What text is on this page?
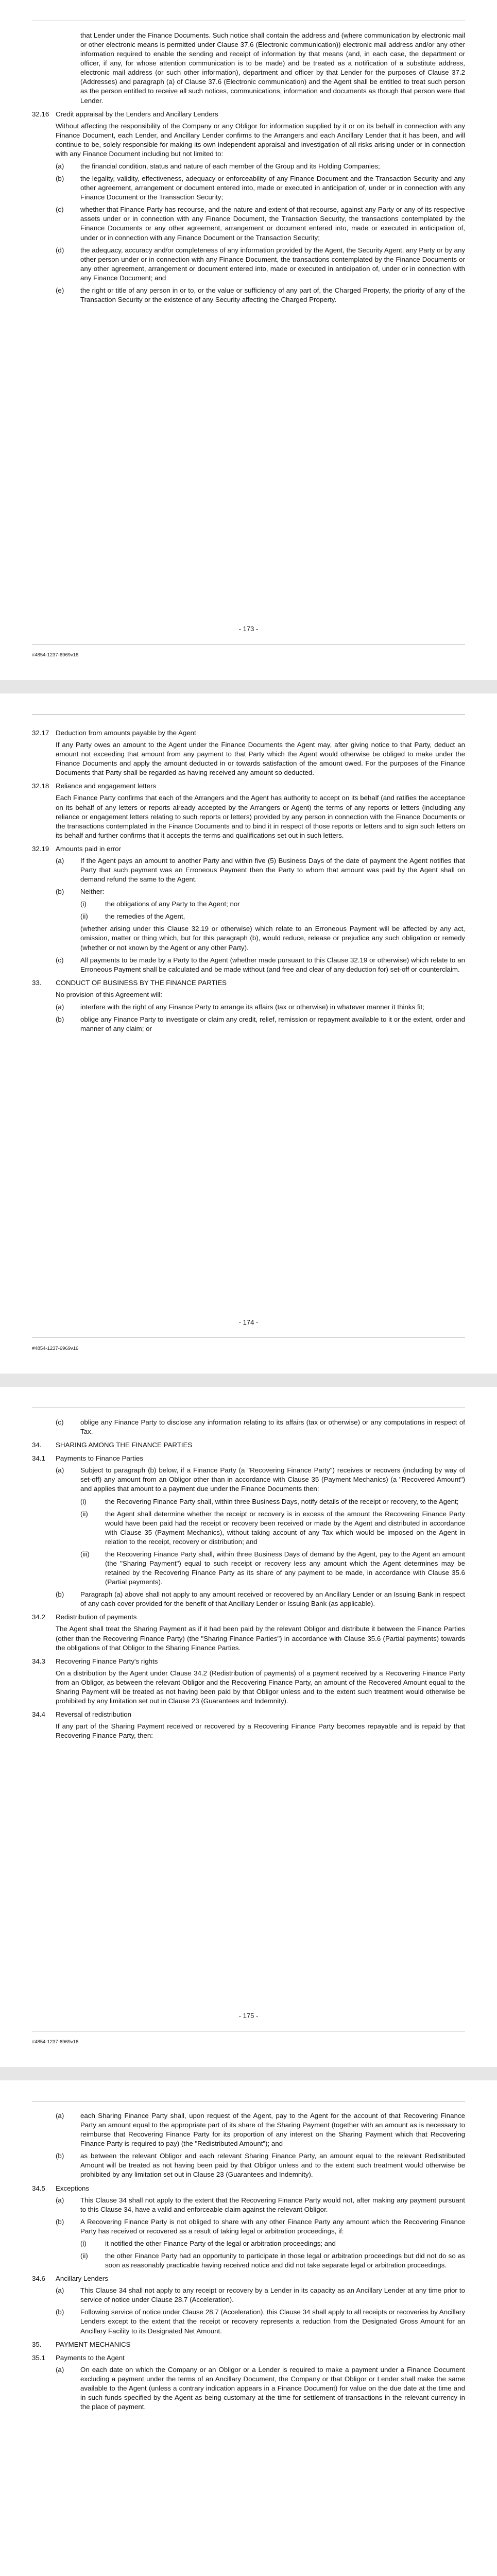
that Lender under the Finance Documents. Such notice shall contain the address and (where communication by electronic mail or other electronic means is permitted under Clause 37.6 (Electronic communication)) electronic mail address and/or any other information required to enable the sending and receipt of information by that means (and, in each case, the department or officer, if any, for whose attention communication is to be made) and be treated as a notification of a substitute address, electronic mail address (or such other information), department and officer by that Lender for the purposes of Clause 37.2 (Addresses) and paragraph (a) of Clause 37.6 (Electronic communication) and the Agent shall be entitled to treat such person as the person entitled to receive all such notices, communications, information and documents as though that person were that Lender.

32.16 Credit appraisal by the Lenders and Ancillary Lenders

Without affecting the responsibility of the Company or any Obligor for information supplied by it or on its behalf in connection with any Finance Document, each Lender, and Ancillary Lender confirms to the Arrangers and each Ancillary Lender that it has been, and will continue to be, solely responsible for making its own independent appraisal and investigation of all risks arising under or in connection with any Finance Document including but not limited to:

(a)	the financial condition, status and nature of each member of the Group and its Holding Companies;
(b)	the legality, validity, effectiveness, adequacy or enforceability of any Finance Document and the Transaction Security and any other agreement, arrangement or document entered into, made or executed in anticipation of, under or in connection with any Finance Document or the Transaction Security;
(c)	whether that Finance Party has recourse, and the nature and extent of that recourse, against any Party or any of its respective assets under or in connection with any Finance Document, the Transaction Security, the transactions contemplated by the Finance Documents or any other agreement, arrangement or document entered into, made or executed in anticipation of, under or in connection with any Finance Document or the Transaction Security;
(d)	the adequacy, accuracy and/or completeness of any information provided by the Agent, the Security Agent, any Party or by any other person under or in connection with any Finance Document, the transactions contemplated by the Finance Documents or any other agreement, arrangement or document entered into, made or executed in anticipation of, under or in connection with any Finance Document; and
(e)	the right or title of any person in or to, or the value or sufficiency of any part of, the Charged Property, the priority of any of the Transaction Security or the existence of any Security affecting the Charged Property.
- 173 -
#4854-1237-6969v16
32.17 Deduction from amounts payable by the Agent

If any Party owes an amount to the Agent under the Finance Documents the Agent may, after giving notice to that Party, deduct an amount not exceeding that amount from any payment to that Party which the Agent would otherwise be obliged to make under the Finance Documents and apply the amount deducted in or towards satisfaction of the amount owed. For the purposes of the Finance Documents that Party shall be regarded as having received any amount so deducted.

32.18 Reliance and engagement letters

Each Finance Party confirms that each of the Arrangers and the Agent has authority to accept on its behalf (and ratifies the acceptance on its behalf of any letters or reports already accepted by the Arrangers or Agent) the terms of any reports or letters (including any reliance or engagement letters relating to such reports or letters) provided by any person in connection with the Finance Documents or the transactions contemplated in the Finance Documents and to bind it in respect of those reports or letters and to sign such letters on its behalf and further confirms that it accepts the terms and qualifications set out in such letters.

32.19 Amounts paid in error
(a)	If the Agent pays an amount to another Party and within five (5) Business Days of the date of payment the Agent notifies that Party that such payment was an Erroneous Payment then the Party to whom that amount was paid by the Agent shall on demand refund the same to the Agent.
(b)	Neither:
(i)	the obligations of any Party to the Agent; nor
(ii)	the remedies of the Agent,

(whether arising under this Clause 32.19 or otherwise) which relate to an Erroneous Payment will be affected by any act, omission, matter or thing which, but for this paragraph (b), would reduce, release or prejudice any such obligation or remedy (whether or not known by the Agent or any other Party).

(c)	All payments to be made by a Party to the Agent (whether made pursuant to this Clause 32.19 or otherwise) which relate to an Erroneous Payment shall be calculated and be made without (and free and clear of any deduction for) set-off or counterclaim.
33.	CONDUCT OF BUSINESS BY THE FINANCE PARTIES

No provision of this Agreement will:

(a)	interfere with the right of any Finance Party to arrange its affairs (tax or otherwise) in whatever manner it thinks fit;
(b)	oblige any Finance Party to investigate or claim any credit, relief, remission or repayment available to it or the extent, order and manner of any claim; or
- 174 -
#4854-1237-6969v16
(c)	oblige any Finance Party to disclose any information relating to its affairs (tax or otherwise) or any computations in respect of Tax.
34.	SHARING AMONG THE FINANCE PARTIES
34.1	Payments to Finance Parties
(a)	Subject to paragraph (b) below, if a Finance Party (a "Recovering Finance Party") receives or recovers (including by way of set-off) any amount from an Obligor other than in accordance with Clause 35 (Payment Mechanics) (a "Recovered Amount") and applies that amount to a payment due under the Finance Documents then:
(i)	the Recovering Finance Party shall, within three Business Days, notify details of the receipt or recovery, to the Agent;
(ii)	the Agent shall determine whether the receipt or recovery is in excess of the amount the Recovering Finance Party would have been paid had the receipt or recovery been received or made by the Agent and distributed in accordance with Clause 35 (Payment Mechanics), without taking account of any Tax which would be imposed on the Agent in relation to the receipt, recovery or distribution; and
(iii)	the Recovering Finance Party shall, within three Business Days of demand by the Agent, pay to the Agent an amount (the "Sharing Payment") equal to such receipt or recovery less any amount which the Agent determines may be retained by the Recovering Finance Party as its share of any payment to be made, in accordance with Clause 35.6 (Partial payments).
(b)	Paragraph (a) above shall not apply to any amount received or recovered by an Ancillary Lender or an Issuing Bank in respect of any cash cover provided for the benefit of that Ancillary Lender or Issuing Bank (as applicable).
34.2	Redistribution of payments

The Agent shall treat the Sharing Payment as if it had been paid by the relevant Obligor and distribute it between the Finance Parties (other than the Recovering Finance Party) (the "Sharing Finance Parties") in accordance with Clause 35.6 (Partial payments) towards the obligations of that Obligor to the Sharing Finance Parties.

34.3	Recovering Finance Party's rights

On a distribution by the Agent under Clause 34.2 (Redistribution of payments) of a payment received by a Recovering Finance Party from an Obligor, as between the relevant Obligor and the Recovering Finance Party, an amount of the Recovered Amount equal to the Sharing Payment will be treated as not having been paid by that Obligor unless and to the extent such treatment would otherwise be prohibited by any limitation set out in Clause 23 (Guarantees and Indemnity).

34.4	Reversal of redistribution

If any part of the Sharing Payment received or recovered by a Recovering Finance Party becomes repayable and is repaid by that Recovering Finance Party, then:

- 175 -
#4854-1237-6969v16
(a)	each Sharing Finance Party shall, upon request of the Agent, pay to the Agent for the account of that Recovering Finance Party an amount equal to the appropriate part of its share of the Sharing Payment (together with an amount as is necessary to reimburse that Recovering Finance Party for its proportion of any interest on the Sharing Payment which that Recovering Finance Party is required to pay) (the "Redistributed Amount"); and
(b)	as between the relevant Obligor and each relevant Sharing Finance Party, an amount equal to the relevant Redistributed Amount will be treated as not having been paid by that Obligor unless and to the extent such treatment would otherwise be prohibited by any limitation set out in Clause 23 (Guarantees and Indemnity).
34.5	Exceptions
(a)	This Clause 34 shall not apply to the extent that the Recovering Finance Party would not, after making any payment pursuant to this Clause 34, have a valid and enforceable claim against the relevant Obligor.
(b)	A Recovering Finance Party is not obliged to share with any other Finance Party any amount which the Recovering Finance Party has received or recovered as a result of taking legal or arbitration proceedings, if:
(i)	it notified the other Finance Party of the legal or arbitration proceedings; and
(ii)	the other Finance Party had an opportunity to participate in those legal or arbitration proceedings but did not do so as soon as reasonably practicable having received notice and did not take separate legal or arbitration proceedings.
34.6	Ancillary Lenders
(a)	This Clause 34 shall not apply to any receipt or recovery by a Lender in its capacity as an Ancillary Lender at any time prior to service of notice under Clause 28.7 (Acceleration).
(b)	Following service of notice under Clause 28.7 (Acceleration), this Clause 34 shall apply to all receipts or recoveries by Ancillary Lenders except to the extent that the receipt or recovery represents a reduction from the Designated Gross Amount for an Ancillary Facility to its Designated Net Amount.
35.	PAYMENT MECHANICS
35.1	Payments to the Agent
(a)	On each date on which the Company or an Obligor or a Lender is required to make a payment under a Finance Document excluding a payment under the terms of an Ancillary Document, the Company or that Obligor or Lender shall make the same available to the Agent (unless a contrary indication appears in a Finance Document) for value on the due date at the time and in such funds specified by the Agent as being customary at the time for settlement of transactions in the relevant currency in the place of payment.
